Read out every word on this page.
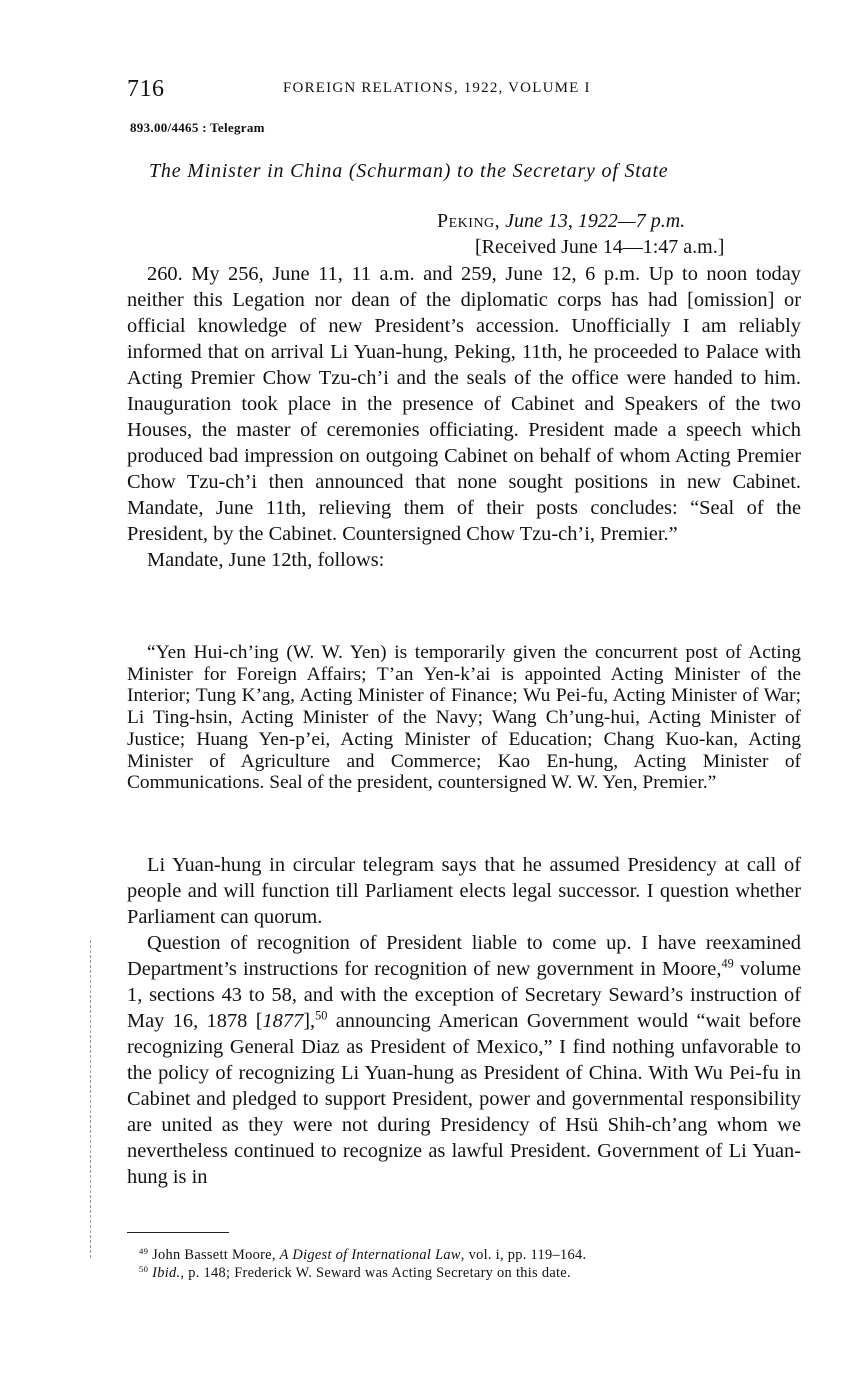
716	FOREIGN RELATIONS, 1922, VOLUME I
893.00/4465 : Telegram
The Minister in China (Schurman) to the Secretary of State
Peking, June 13, 1922—7 p.m.
[Received June 14—1:47 a.m.]

260. My 256, June 11, 11 a.m. and 259, June 12, 6 p.m. Up to noon today neither this Legation nor dean of the diplomatic corps has had [omission] or official knowledge of new President’s accession. Unofficially I am reliably informed that on arrival Li Yuan-hung, Peking, 11th, he proceeded to Palace with Acting Premier Chow Tzu-ch’i and the seals of the office were handed to him. Inauguration took place in the presence of Cabinet and Speakers of the two Houses, the master of ceremonies officiating. President made a speech which produced bad impression on outgoing Cabinet on behalf of whom Acting Premier Chow Tzu-ch’i then announced that none sought positions in new Cabinet. Mandate, June 11th, relieving them of their posts concludes: “Seal of the President, by the Cabinet. Countersigned Chow Tzu-ch’i, Premier.”

Mandate, June 12th, follows:

“Yen Hui-ch’ing (W. W. Yen) is temporarily given the concurrent post of Acting Minister for Foreign Affairs; T’an Yen-k’ai is appointed Acting Minister of the Interior; Tung K’ang, Acting Minister of Finance; Wu Pei-fu, Acting Minister of War; Li Ting-hsin, Acting Minister of the Navy; Wang Ch’ung-hui, Acting Minister of Justice; Huang Yen-p’ei, Acting Minister of Education; Chang Kuo-kan, Acting Minister of Agriculture and Commerce; Kao En-hung, Acting Minister of Communications. Seal of the president, countersigned W. W. Yen, Premier.”

Li Yuan-hung in circular telegram says that he assumed Presidency at call of people and will function till Parliament elects legal successor. I question whether Parliament can quorum.

Question of recognition of President liable to come up. I have reexamined Department’s instructions for recognition of new government in Moore,$^{49}$ volume 1, sections 43 to 58, and with the exception of Secretary Seward’s instruction of May 16, 1878 [1877],$^{50}$ announcing American Government would “wait before recognizing General Diaz as President of Mexico,” I find nothing unfavorable to the policy of recognizing Li Yuan-hung as President of China. With Wu Pei-fu in Cabinet and pledged to support President, power and governmental responsibility are united as they were not during Presidency of Hsü Shih-ch’ang whom we nevertheless continued to recognize as lawful President. Government of Li Yuan-hung is in

$^{49}$ John Bassett Moore, A Digest of International Law, vol. i, pp. 119–164.

$^{50}$ Ibid., p. 148; Frederick W. Seward was Acting Secretary on this date.
